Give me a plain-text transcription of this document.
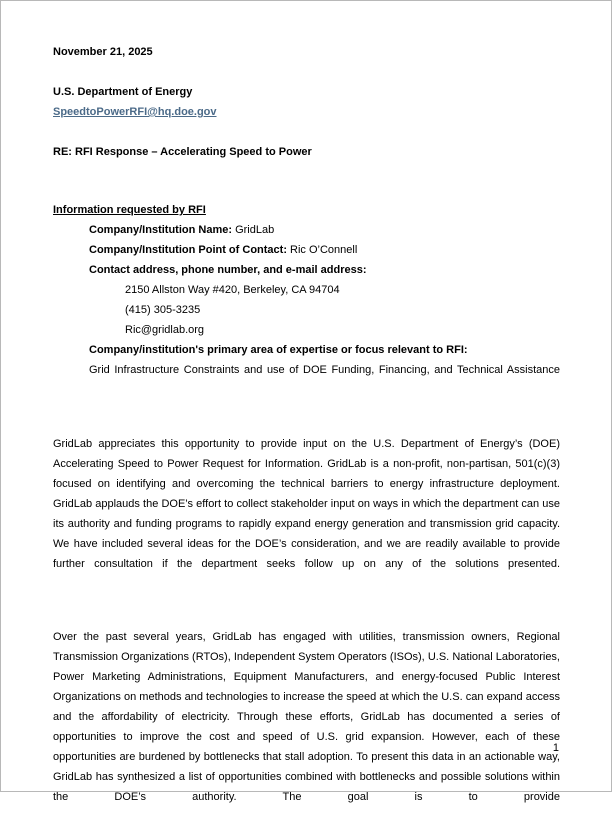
November 21, 2025
U.S. Department of Energy
SpeedtoPowerRFI@hq.doe.gov
RE: RFI Response – Accelerating Speed to Power
Information requested by RFI
Company/Institution Name: GridLab
Company/Institution Point of Contact: Ric O’Connell
Contact address, phone number, and e-mail address:
2150 Allston Way #420, Berkeley, CA 94704
(415) 305-3235
Ric@gridlab.org
Company/institution's primary area of expertise or focus relevant to RFI:
Grid Infrastructure Constraints and use of DOE Funding, Financing, and Technical Assistance
GridLab appreciates this opportunity to provide input on the U.S. Department of Energy’s (DOE) Accelerating Speed to Power Request for Information. GridLab is a non-profit, non-partisan, 501(c)(3) focused on identifying and overcoming the technical barriers to energy infrastructure deployment. GridLab applauds the DOE’s effort to collect stakeholder input on ways in which the department can use its authority and funding programs to rapidly expand energy generation and transmission grid capacity. We have included several ideas for the DOE’s consideration, and we are readily available to provide further consultation if the department seeks follow up on any of the solutions presented.
Over the past several years, GridLab has engaged with utilities, transmission owners, Regional Transmission Organizations (RTOs), Independent System Operators (ISOs), U.S. National Laboratories, Power Marketing Administrations, Equipment Manufacturers, and energy-focused Public Interest Organizations on methods and technologies to increase the speed at which the U.S. can expand access and the affordability of electricity. Through these efforts, GridLab has documented a series of opportunities to improve the cost and speed of U.S. grid expansion. However, each of these opportunities are burdened by bottlenecks that stall adoption. To present this data in an actionable way, GridLab has synthesized a list of opportunities combined with bottlenecks and possible solutions within the DOE’s authority. The goal is to provide
1
